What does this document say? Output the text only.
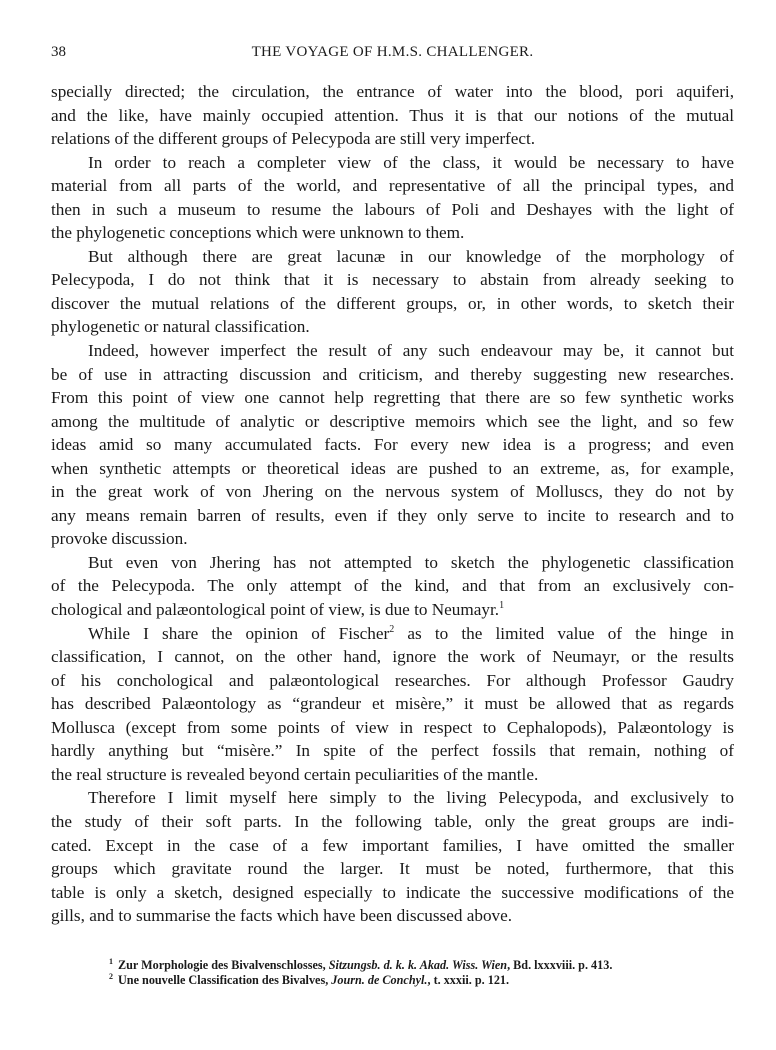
38	THE VOYAGE OF H.M.S. CHALLENGER.
specially directed; the circulation, the entrance of water into the blood, pori aquiferi,
and the like, have mainly occupied attention. Thus it is that our notions of the mutual
relations of the different groups of Pelecypoda are still very imperfect.
In order to reach a completer view of the class, it would be necessary to have
material from all parts of the world, and representative of all the principal types, and
then in such a museum to resume the labours of Poli and Deshayes with the light of
the phylogenetic conceptions which were unknown to them.
But although there are great lacunæ in our knowledge of the morphology of
Pelecypoda, I do not think that it is necessary to abstain from already seeking to
discover the mutual relations of the different groups, or, in other words, to sketch their
phylogenetic or natural classification.
Indeed, however imperfect the result of any such endeavour may be, it cannot but
be of use in attracting discussion and criticism, and thereby suggesting new researches.
From this point of view one cannot help regretting that there are so few synthetic works
among the multitude of analytic or descriptive memoirs which see the light, and so few
ideas amid so many accumulated facts. For every new idea is a progress; and even
when synthetic attempts or theoretical ideas are pushed to an extreme, as, for example,
in the great work of von Jhering on the nervous system of Molluscs, they do not by
any means remain barren of results, even if they only serve to incite to research and to
provoke discussion.
But even von Jhering has not attempted to sketch the phylogenetic classification
of the Pelecypoda. The only attempt of the kind, and that from an exclusively con-
chological and palæontological point of view, is due to Neumayr.$^1$
While I share the opinion of Fischer$^2$ as to the limited value of the hinge in
classification, I cannot, on the other hand, ignore the work of Neumayr, or the results
of his conchological and palæontological researches. For although Professor Gaudry
has described Palæontology as “grandeur et misère,” it must be allowed that as regards
Mollusca (except from some points of view in respect to Cephalopods), Palæontology is
hardly anything but “misère.” In spite of the perfect fossils that remain, nothing of
the real structure is revealed beyond certain peculiarities of the mantle.
Therefore I limit myself here simply to the living Pelecypoda, and exclusively to
the study of their soft parts. In the following table, only the great groups are indi-
cated. Except in the case of a few important families, I have omitted the smaller
groups which gravitate round the larger. It must be noted, furthermore, that this
table is only a sketch, designed especially to indicate the successive modifications of the
gills, and to summarise the facts which have been discussed above.
$^1$ Zur Morphologie des Bivalvenschlosses, Sitzungsb. d. k. k. Akad. Wiss. Wien, Bd. lxxxviii. p. 413.
$^2$ Une nouvelle Classification des Bivalves, Journ. de Conchyl., t. xxxii. p. 121.
